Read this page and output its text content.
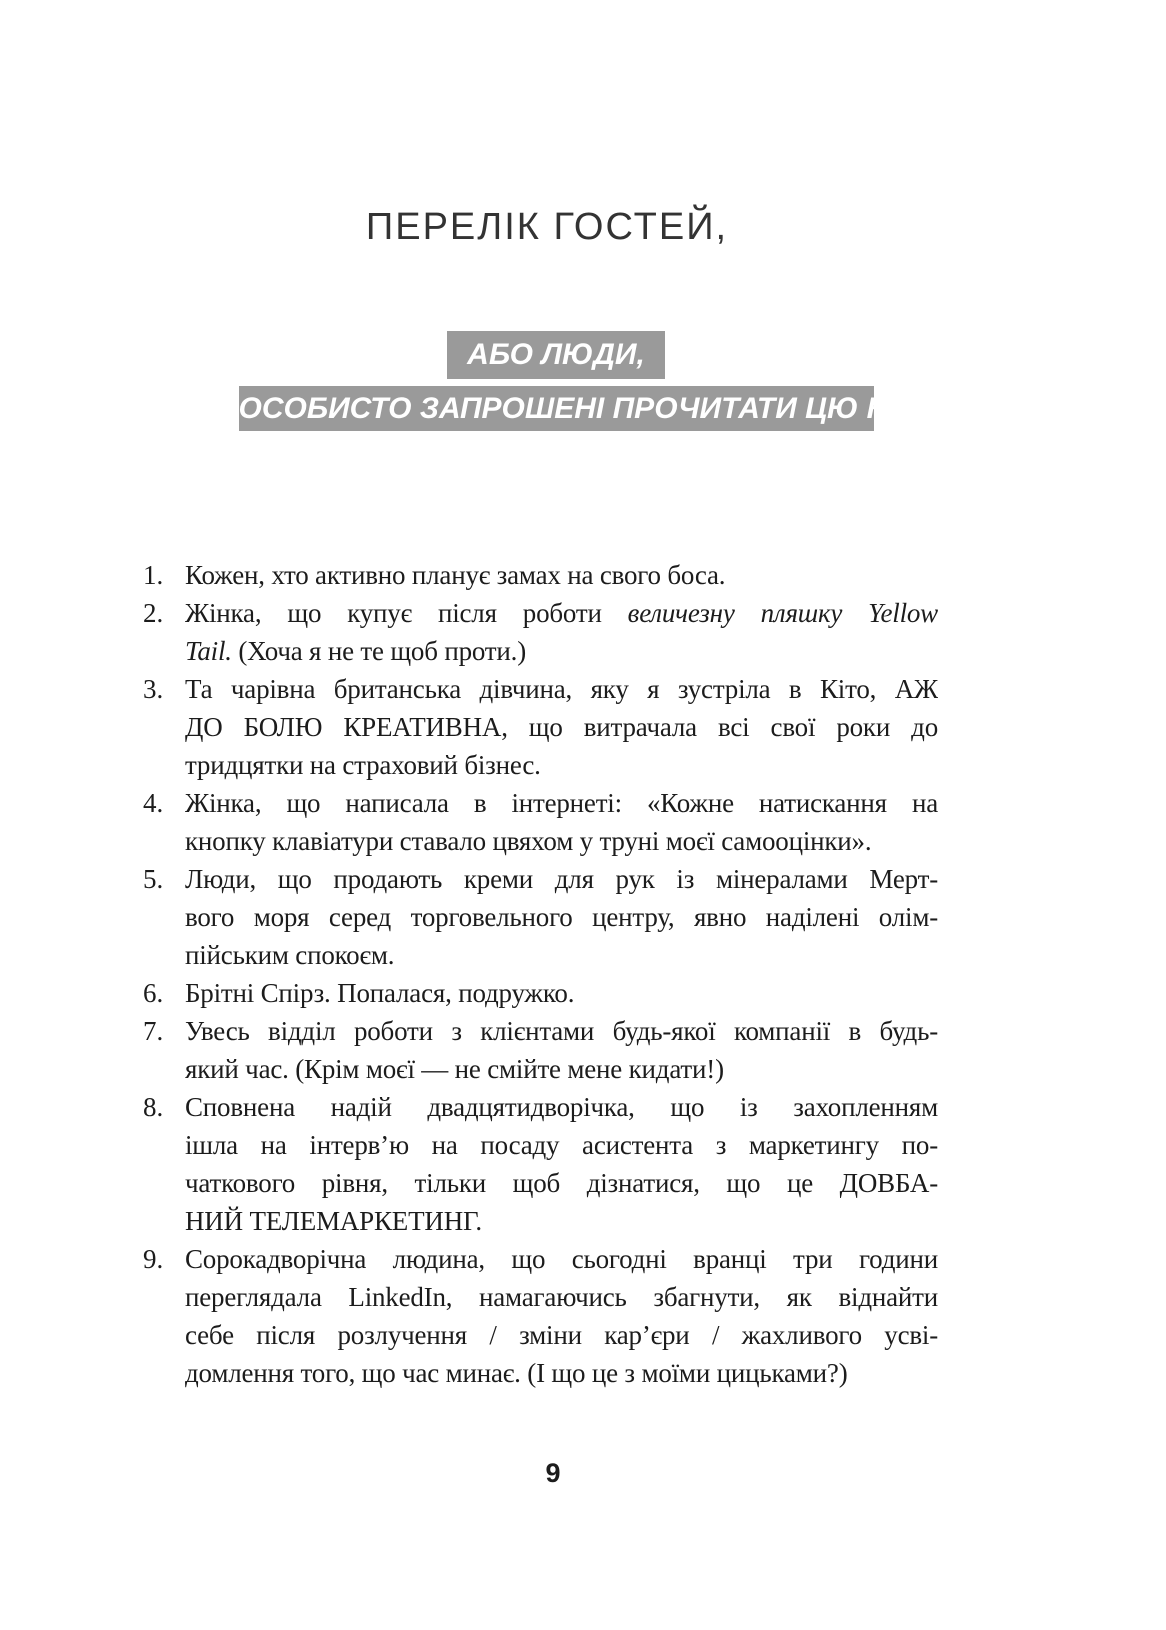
ПЕРЕЛІК ГОСТЕЙ,
АБО ЛЮДИ,
ОСОБИСТО ЗАПРОШЕНІ ПРОЧИТАТИ ЦЮ КНИЖКУ
1. Кожен, хто активно планує замах на свого боса.
2. Жінка, що купує після роботи величезну пляшку Yellow
Tail. (Хоча я не те щоб проти.)
3. Та чарівна британська дівчина, яку я зустріла в Кіто, АЖ
ДО БОЛЮ КРЕАТИВНА, що витрачала всі свої роки до
тридцятки на страховий бізнес.
4. Жінка, що написала в інтернеті: «Кожне натискання на
кнопку клавіатури ставало цвяхом у труні моєї самооцінки».
5. Люди, що продають креми для рук із мінералами Мерт-
вого моря серед торговельного центру, явно наділені олім-
пійським спокоєм.
6. Брітні Спірз. Попалася, подружко.
7. Увесь відділ роботи з клієнтами будь-якої компанії в будь-
який час. (Крім моєї — не смійте мене кидати!)
8. Сповнена надій двадцятидворічка, що із захопленням
ішла на інтерв’ю на посаду асистента з маркетингу по-
чаткового рівня, тільки щоб дізнатися, що це ДОВБА-
НИЙ ТЕЛЕМАРКЕТИНГ.
9. Сорокадворічна людина, що сьогодні вранці три години
переглядала LinkedIn, намагаючись збагнути, як віднайти
себе після розлучення / зміни кар’єри / жахливого усві-
домлення того, що час минає. (І що це з моїми цицьками?)
9
